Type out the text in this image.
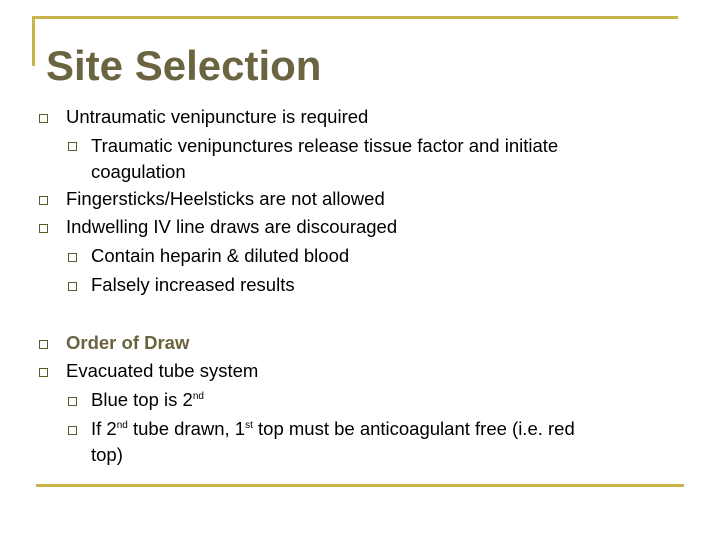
Site Selection
Untraumatic venipuncture is required
Traumatic venipunctures release tissue factor and initiate
coagulation
Fingersticks/Heelsticks are not allowed
Indwelling IV line draws are discouraged
Contain heparin & diluted blood
Falsely increased results
Order of Draw
Evacuated tube system
Blue top is 2nd
If 2nd tube drawn, 1st top must be anticoagulant free (i.e. red
top)
